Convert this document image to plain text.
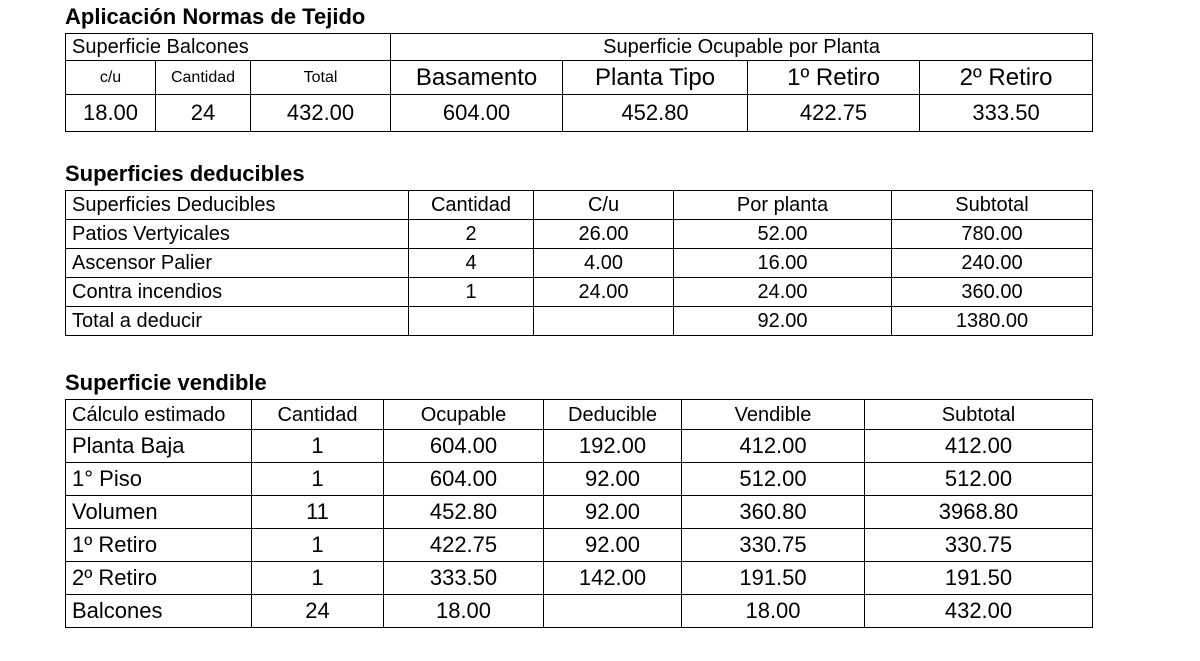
Aplicación Normas de Tejido
Superficie Balcones			Superficie Ocupable por Planta			
c/u	Cantidad	Total	Basamento	Planta Tipo	1º Retiro	2º Retiro
18.00	24	432.00	604.00	452.80	422.75	333.50
Superficies deducibles
Superficies Deducibles	Cantidad	C/u	Por planta	Subtotal
Patios Vertyicales	2	26.00	52.00	780.00
Ascensor Palier	4	4.00	16.00	240.00
Contra incendios	1	24.00	24.00	360.00
Total a deducir			92.00	1380.00
Superficie vendible
Cálculo estimado	Cantidad	Ocupable	Deducible	Vendible	Subtotal
Planta Baja	1	604.00	192.00	412.00	412.00
1° Piso	1	604.00	92.00	512.00	512.00
Volumen	11	452.80	92.00	360.80	3968.80
1º Retiro	1	422.75	92.00	330.75	330.75
2º Retiro	1	333.50	142.00	191.50	191.50
Balcones	24	18.00		18.00	432.00
